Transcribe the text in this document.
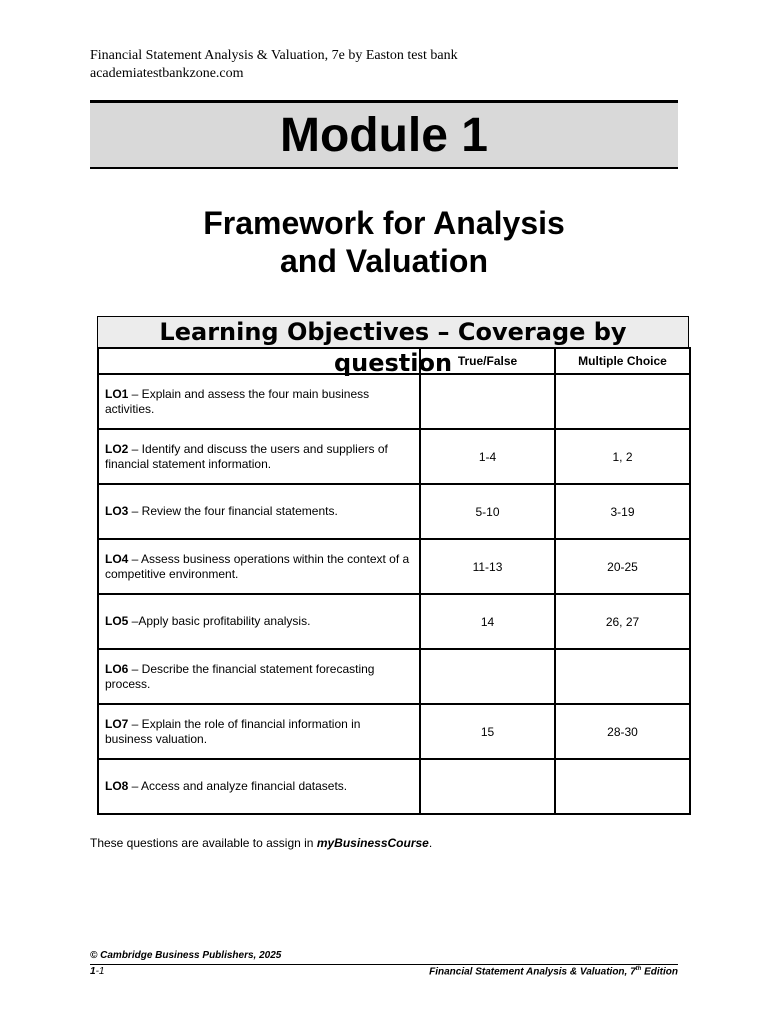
Financial Statement Analysis & Valuation, 7e by Easton test bank
academiatestbankzone.com
Module 1
Framework for Analysis
and Valuation
Learning Objectives – Coverage by question
	True/False	Multiple Choice
LO1 – Explain and assess the four main business activities.		
LO2 – Identify and discuss the users and suppliers of financial statement information.	1-4	1, 2
LO3 – Review the four financial statements.	5-10	3-19
LO4 – Assess business operations within the context of a competitive environment.	11-13	20-25
LO5 –Apply basic profitability analysis.	14	26, 27
LO6 – Describe the financial statement forecasting process.		
LO7 – Explain the role of financial information in business valuation.	15	28-30
LO8 – Access and analyze financial datasets.		
These questions are available to assign in myBusinessCourse.
© Cambridge Business Publishers, 2025
1-1	Financial Statement Analysis & Valuation, 7th Edition
